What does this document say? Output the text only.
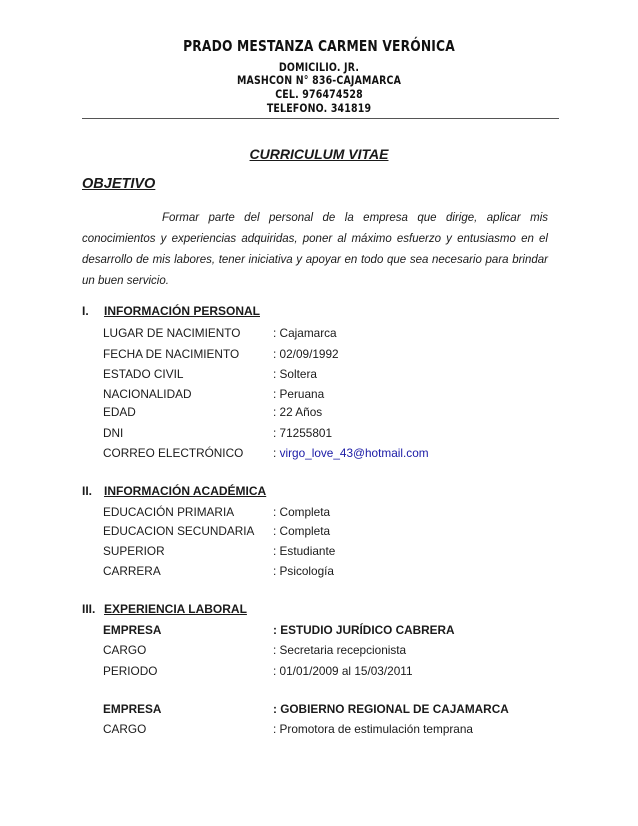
PRADO MESTANZA CARMEN VERÓNICA
DOMICILIO. JR.
MASHCON N° 836-CAJAMARCA
CEL. 976474528
TELEFONO. 341819
CURRICULUM VITAE
OBJETIVO

Formar parte del personal de la empresa que dirige, aplicar mis conocimientos y experiencias adquiridas, poner al máximo esfuerzo y entusiasmo en el desarrollo de mis labores, tener iniciativa y apoyar en todo que sea necesario para brindar un buen servicio.

I. INFORMACIÓN PERSONAL
LUGAR DE NACIMIENTO	: Cajamarca
FECHA DE NACIMIENTO	: 02/09/1992
ESTADO CIVIL	: Soltera
NACIONALIDAD	: Peruana
EDAD	: 22 Años
DNI	: 71255801
CORREO ELECTRÓNICO	: virgo_love_43@hotmail.com
II. INFORMACIÓN ACADÉMICA
EDUCACIÓN PRIMARIA	: Completa
EDUCACION SECUNDARIA : Completa
SUPERIOR	: Estudiante
CARRERA	: Psicología
III. EXPERIENCIA LABORAL
EMPRESA	: ESTUDIO JURÍDICO CABRERA
CARGO	: Secretaria recepcionista
PERIODO	: 01/01/2009 al 15/03/2011
EMPRESA	: GOBIERNO REGIONAL DE CAJAMARCA
CARGO	: Promotora de estimulación temprana
